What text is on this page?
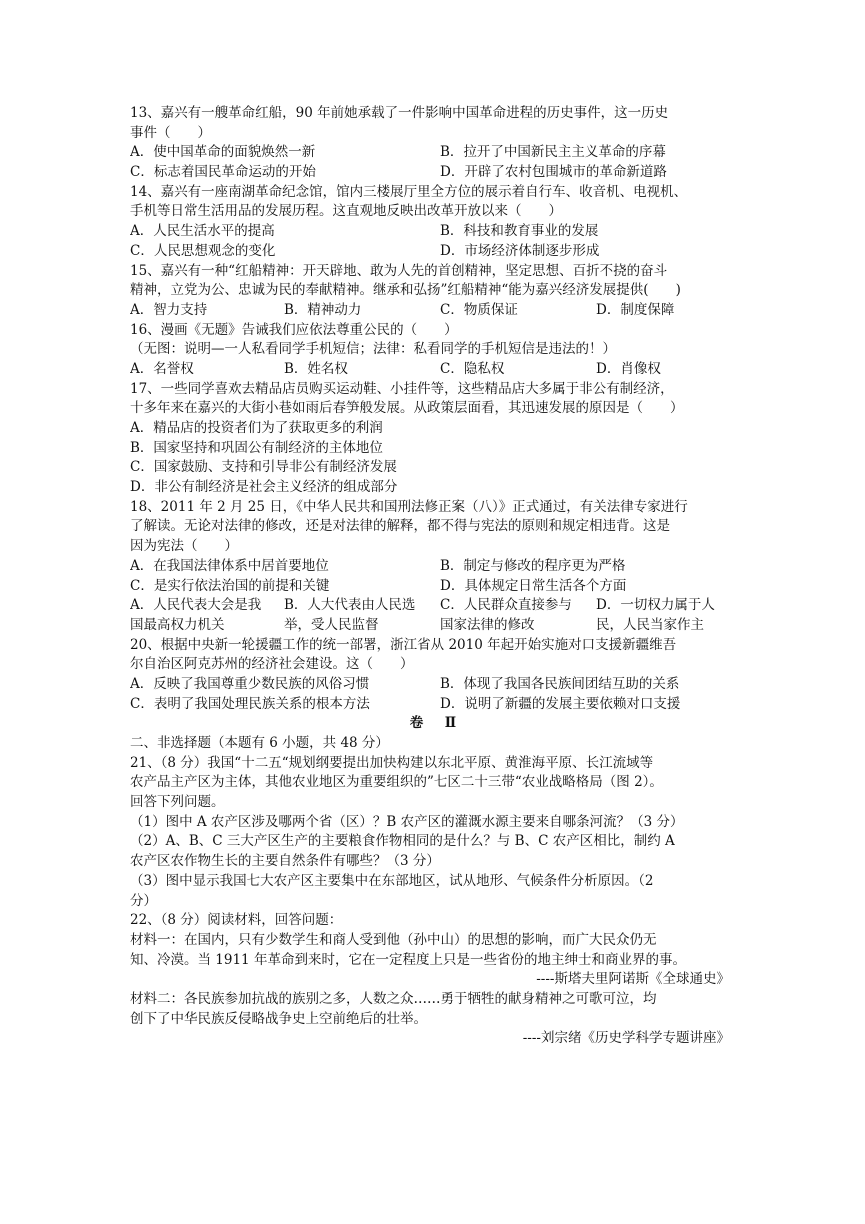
13、嘉兴有一艘革命红船，90 年前她承载了一件影响中国革命进程的历史事件，这一历史
事件（　　）
A．使中国革命的面貌焕然一新	B．拉开了中国新民主主义革命的序幕
C．标志着国民革命运动的开始	D．开辟了农村包围城市的革命新道路
14、嘉兴有一座南湖革命纪念馆，馆内三楼展厅里全方位的展示着自行车、收音机、电视机、
手机等日常生活用品的发展历程。这直观地反映出改革开放以来（　　）
A．人民生活水平的提高	B．科技和教育事业的发展
C．人民思想观念的变化	D．市场经济体制逐步形成
15、嘉兴有一种“红船精神：开天辟地、敢为人先的首创精神，坚定思想、百折不挠的奋斗
精神，立党为公、忠诚为民的奉献精神。继承和弘扬”红船精神“能为嘉兴经济发展提供(　　)
A．智力支持	B．精神动力	C．物质保证	D．制度保障
16、漫画《无题》告诫我们应依法尊重公民的（　　）
（无图：说明—一人私看同学手机短信；法律：私看同学的手机短信是违法的！）
A．名誉权	B．姓名权	C．隐私权	D．肖像权
17、一些同学喜欢去精品店员购买运动鞋、小挂件等，这些精品店大多属于非公有制经济，
十多年来在嘉兴的大街小巷如雨后春笋般发展。从政策层面看，其迅速发展的原因是（　　）
A．精品店的投资者们为了获取更多的利润
B．国家坚持和巩固公有制经济的主体地位
C．国家鼓励、支持和引导非公有制经济发展
D．非公有制经济是社会主义经济的组成部分
18、2011 年 2 月 25 日，《中华人民共和国刑法修正案（八）》正式通过，有关法律专家进行
了解读。无论对法律的修改，还是对法律的解释，都不得与宪法的原则和规定相违背。这是
因为宪法（　　）
A．在我国法律体系中居首要地位	B．制定与修改的程序更为严格
C．是实行依法治国的前提和关键	D．具体规定日常生活各个方面
A．人民代表大会是我	B．人大代表由人民选	C．人民群众直接参与	D．一切权力属于人
国最高权力机关	举，受人民监督	国家法律的修改	民，人民当家作主
20、根据中央新一轮援疆工作的统一部署，浙江省从 2010 年起开始实施对口支援新疆维吾
尔自治区阿克苏州的经济社会建设。这（　　）
A．反映了我国尊重少数民族的风俗习惯	B．体现了我国各民族间团结互助的关系
C．表明了我国处理民族关系的根本方法	D．说明了新疆的发展主要依赖对口支援
卷　Ⅱ
二、非选择题（本题有 6 小题，共 48 分）
21、（8 分）我国“十二五“规划纲要提出加快构建以东北平原、黄淮海平原、长江流域等
农产品主产区为主体，其他农业地区为重要组织的”七区二十三带“农业战略格局（图 2）。
回答下列问题。
（1）图中 A 农产区涉及哪两个省（区）？B 农产区的灌溉水源主要来自哪条河流？（3 分）
（2）A、B、C 三大产区生产的主要粮食作物相同的是什么？与 B、C 农产区相比，制约 A
农产区农作物生长的主要自然条件有哪些？（3 分）
（3）图中显示我国七大农产区主要集中在东部地区，试从地形、气候条件分析原因。（2
分）
22、（8 分）阅读材料，回答问题：
材料一：在国内，只有少数学生和商人受到他（孙中山）的思想的影响，而广大民众仍无
知、冷漠。当 1911 年革命到来时，它在一定程度上只是一些省份的地主绅士和商业界的事。
----斯塔夫里阿诺斯《全球通史》
材料二：各民族参加抗战的族别之多，人数之众……勇于牺牲的献身精神之可歌可泣，均
创下了中华民族反侵略战争史上空前绝后的壮举。
----刘宗绪《历史学科学专题讲座》
